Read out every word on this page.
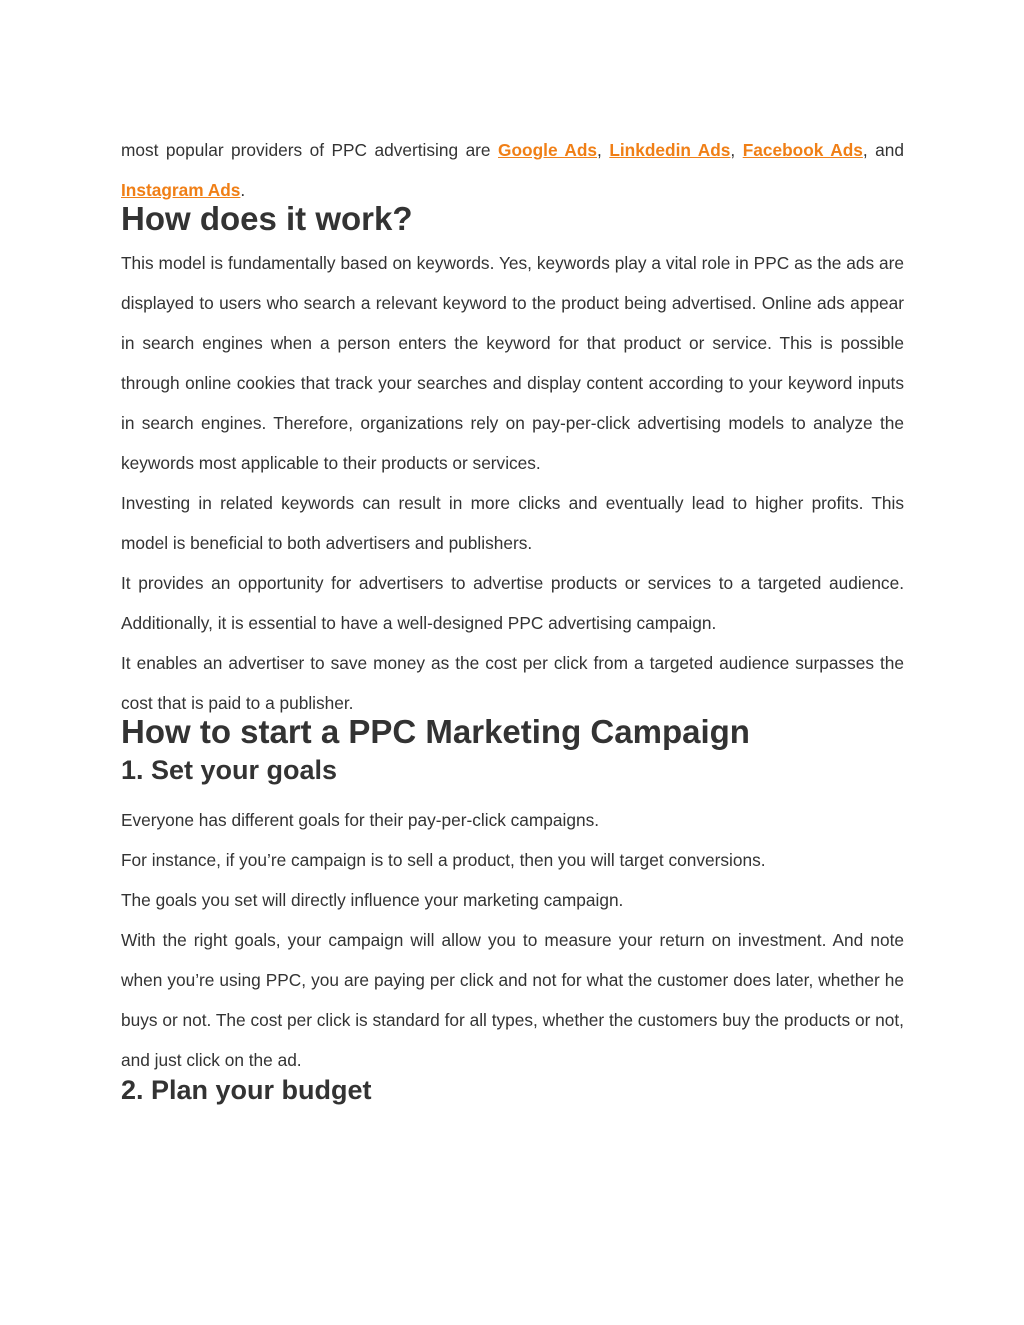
most popular providers of PPC advertising are Google Ads, Linkdedin Ads, Facebook Ads, and Instagram Ads.

How does it work?

This model is fundamentally based on keywords. Yes, keywords play a vital role in PPC as the ads are displayed to users who search a relevant keyword to the product being advertised. Online ads appear in search engines when a person enters the keyword for that product or service. This is possible through online cookies that track your searches and display content according to your keyword inputs in search engines. Therefore, organizations rely on pay-per-click advertising models to analyze the keywords most applicable to their products or services.

Investing in related keywords can result in more clicks and eventually lead to higher profits. This model is beneficial to both advertisers and publishers.

It provides an opportunity for advertisers to advertise products or services to a targeted audience. Additionally, it is essential to have a well-designed PPC advertising campaign.

It enables an advertiser to save money as the cost per click from a targeted audience surpasses the cost that is paid to a publisher.

How to start a PPC Marketing Campaign
1. Set your goals

Everyone has different goals for their pay-per-click campaigns.

For instance, if you’re campaign is to sell a product, then you will target conversions.

The goals you set will directly influence your marketing campaign.

With the right goals, your campaign will allow you to measure your return on investment. And note when you’re using PPC, you are paying per click and not for what the customer does later, whether he buys or not. The cost per click is standard for all types, whether the customers buy the products or not, and just click on the ad.

2. Plan your budget
